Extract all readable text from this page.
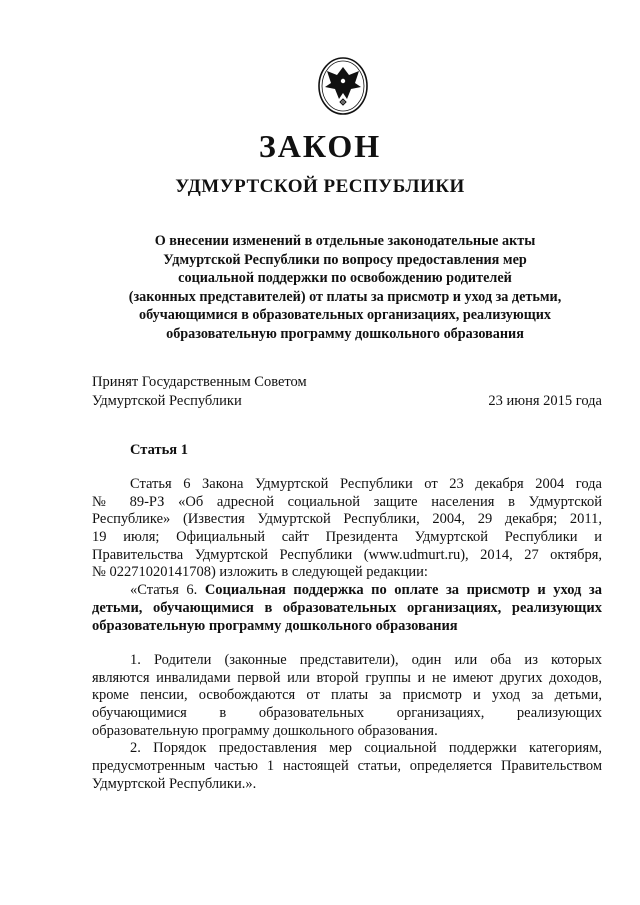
ЗАКОН
УДМУРТСКОЙ РЕСПУБЛИКИ
О внесении изменений в отдельные законодательные акты
Удмуртской Республики по вопросу предоставления мер
социальной поддержки по освобождению родителей
(законных представителей) от платы за присмотр и уход за детьми,
обучающимися в образовательных организациях, реализующих
образовательную программу дошкольного образования
Принят Государственным Советом
Удмуртской Республики	23 июня 2015 года
Статья 1
Статья 6 Закона Удмуртской Республики от 23 декабря 2004 года
№ 89-РЗ «Об адресной социальной защите населения в Удмуртской
Республике» (Известия Удмуртской Республики, 2004, 29 декабря; 2011,
19 июля; Официальный сайт Президента Удмуртской Республики и
Правительства Удмуртской Республики (www.udmurt.ru), 2014, 27 октября,
№ 02271020141708) изложить в следующей редакции:
«Статья 6. Социальная поддержка по оплате за присмотр и уход за
детьми, обучающимися в образовательных организациях, реализующих
образовательную программу дошкольного образования
1. Родители (законные представители), один или оба из которых
являются инвалидами первой или второй группы и не имеют других доходов,
кроме пенсии, освобождаются от платы за присмотр и уход за детьми,
обучающимися в образовательных организациях, реализующих
образовательную программу дошкольного образования.
2. Порядок предоставления мер социальной поддержки категориям,
предусмотренным частью 1 настоящей статьи, определяется Правительством
Удмуртской Республики.».
